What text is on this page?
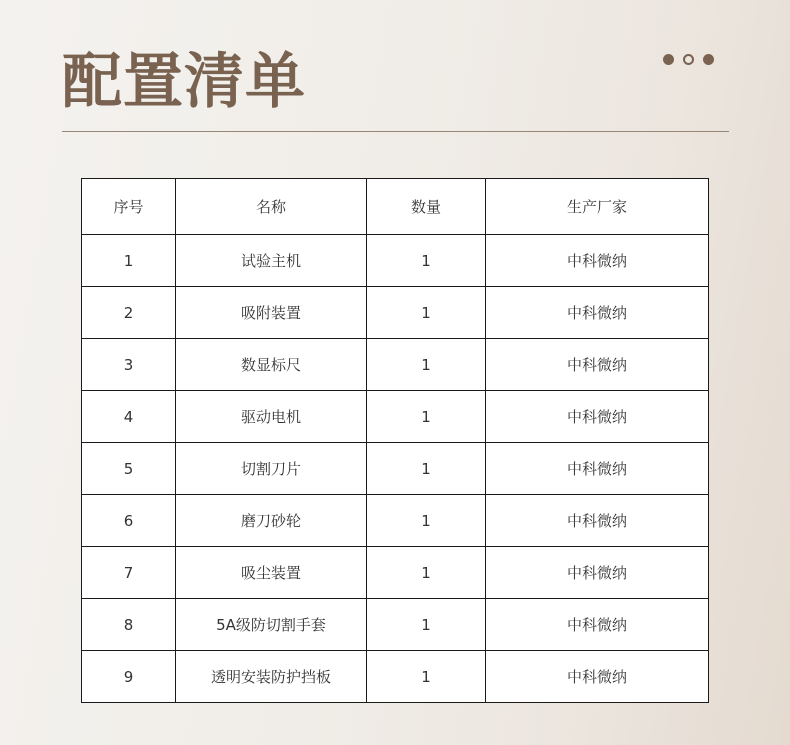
配置清单
序号	名称	数量	生产厂家
1	试验主机	1	中科微纳
2	吸附装置	1	中科微纳
3	数显标尺	1	中科微纳
4	驱动电机	1	中科微纳
5	切割刀片	1	中科微纳
6	磨刀砂轮	1	中科微纳
7	吸尘装置	1	中科微纳
8	5A级防切割手套	1	中科微纳
9	透明安装防护挡板	1	中科微纳
